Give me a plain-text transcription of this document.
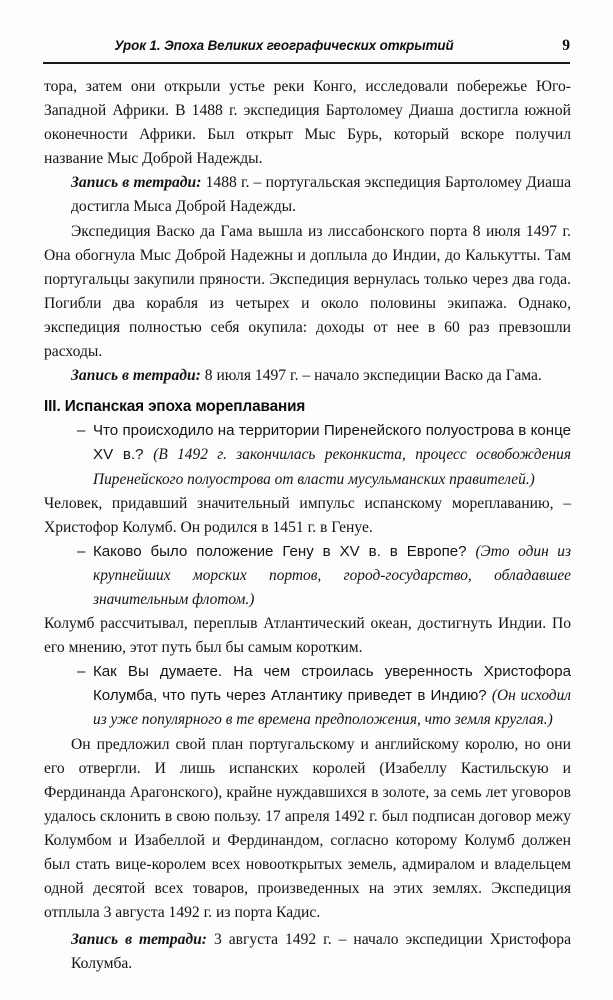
Урок 1. Эпоха Великих географических открытий	9

тора, затем они открыли устье реки Конго, исследовали побережье Юго-Западной Африки. В 1488 г. экспедиция Бартоломеу Диаша достигла южной оконечности Африки. Был открыт Мыс Бурь, который вскоре получил название Мыс Доброй Надежды.

Запись в тетради: 1488 г. – португальская экспедиция Бартоломеу Диаша достигла Мыса Доброй Надежды.

Экспедиция Васко да Гама вышла из лиссабонского порта 8 июля 1497 г. Она обогнула Мыс Доброй Надежны и доплыла до Индии, до Калькутты. Там португальцы закупили пряности. Экспедиция вернулась только через два года. Погибли два корабля из четырех и около половины экипажа. Однако, экспедиция полностью себя окупила: доходы от нее в 60 раз превзошли расходы.

Запись в тетради: 8 июля 1497 г. – начало экспедиции Васко да Гама.

III. Испанская эпоха мореплавания
– Что происходило на территории Пиренейского полуострова в конце XV в.? (В 1492 г. закончилась реконкиста, процесс освобождения Пиренейского полуострова от власти мусульманских правителей.)

Человек, придавший значительный импульс испанскому мореплаванию, – Христофор Колумб. Он родился в 1451 г. в Генуе.

– Каково было положение Гену в XV в. в Европе? (Это один из крупнейших морских портов, город-государство, обладавшее значительным флотом.)

Колумб рассчитывал, переплыв Атлантический океан, достигнуть Индии. По его мнению, этот путь был бы самым коротким.

– Как Вы думаете. На чем строилась уверенность Христофора Колумба, что путь через Атлантику приведет в Индию? (Он исходил из уже популярного в те времена предположения, что земля круглая.)

Он предложил свой план португальскому и английскому королю, но они его отвергли. И лишь испанских королей (Изабеллу Кастильскую и Фердинанда Арагонского), крайне нуждавшихся в золоте, за семь лет уговоров удалось склонить в свою пользу. 17 апреля 1492 г. был подписан договор межу Колумбом и Изабеллой и Фердинандом, согласно которому Колумб должен был стать вице-королем всех новооткрытых земель, адмиралом и владельцем одной десятой всех товаров, произведенных на этих землях. Экспедиция отплыла 3 августа 1492 г. из порта Кадис.

Запись в тетради: 3 августа 1492 г. – начало экспедиции Христофора Колумба.
